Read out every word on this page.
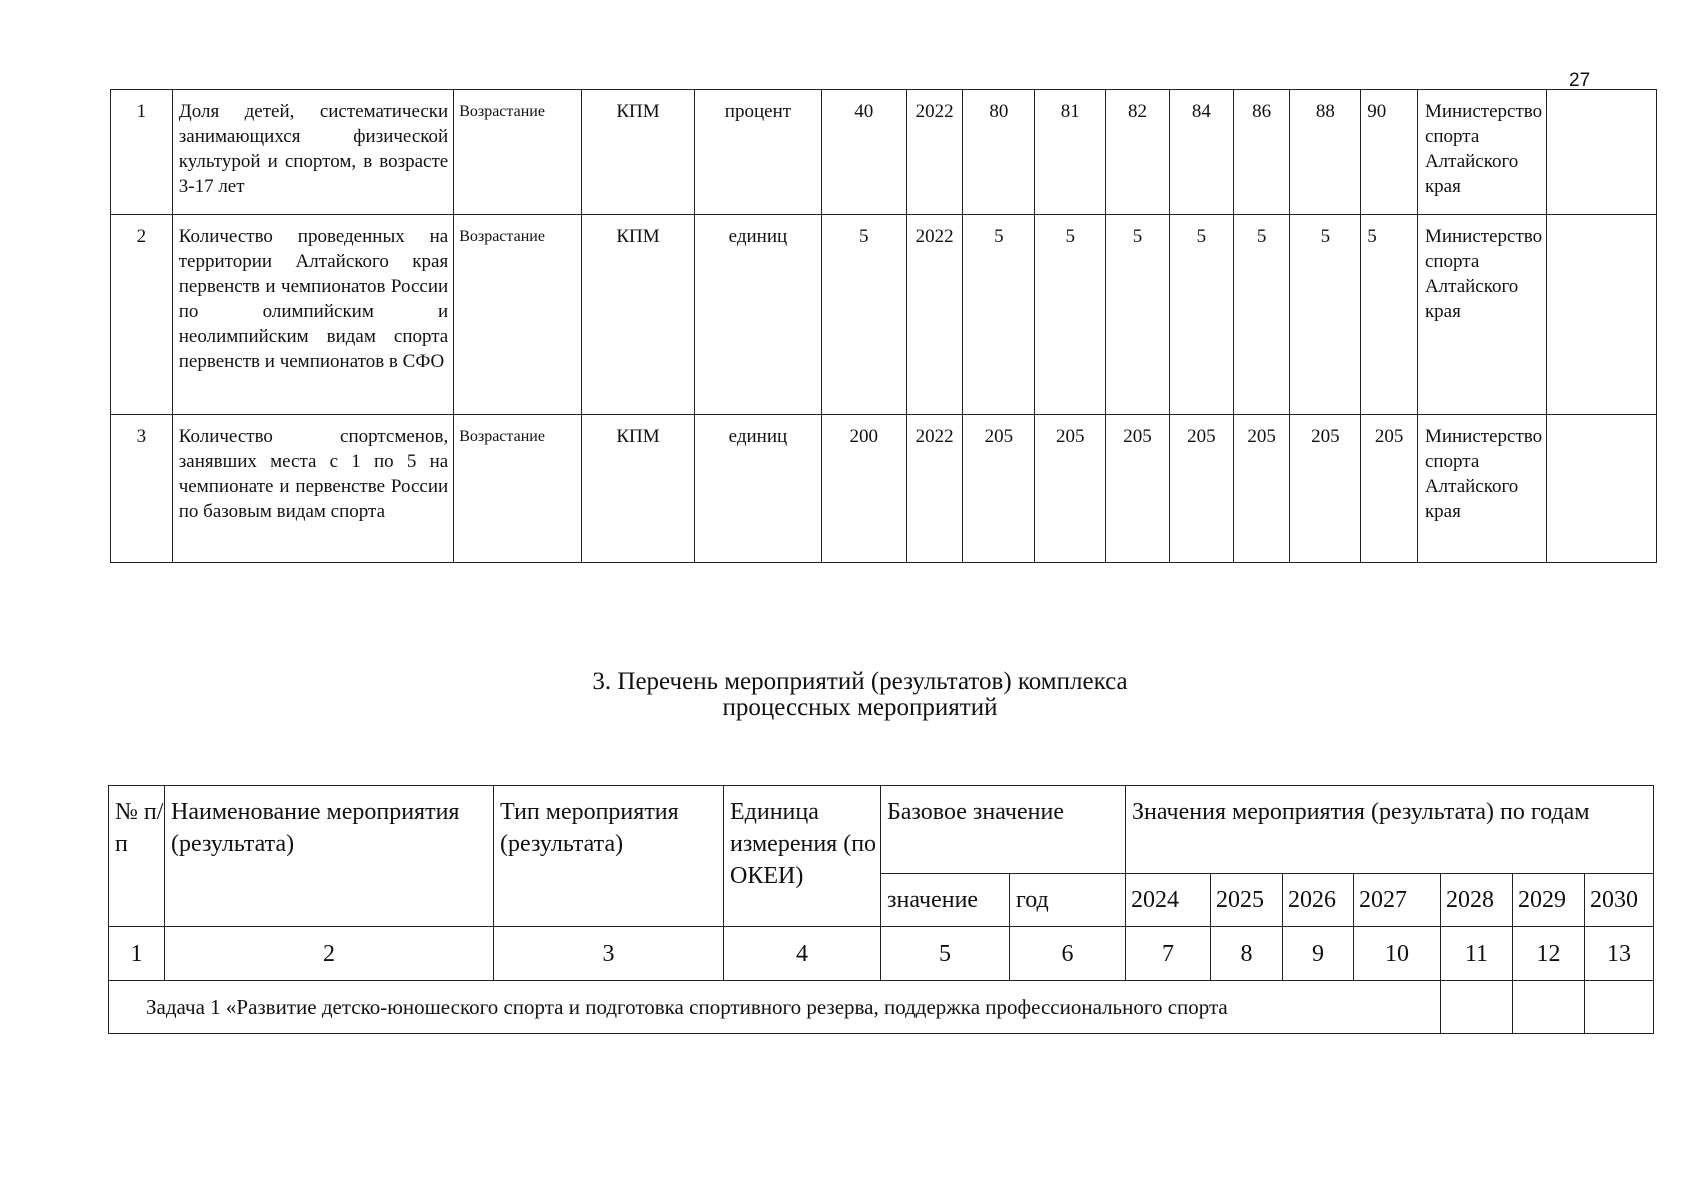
27
1	Доля детей, систематически занимающихся физической культурой и спортом, в возрасте 3-17 лет	Возрастание	КПМ	процент	40	2022	80	81	82	84	86	88	90	Министерство спорта Алтайского края	
2	Количество проведенных на территории Алтайского края первенств и чемпионатов России по олимпийским и неолимпийским видам спорта первенств и чемпионатов в СФО	Возрастание	КПМ	единиц	5	2022	5	5	5	5	5	5	5	Министерство спорта Алтайского края	
3	Количество спортсменов, занявших места с 1 по 5 на чемпионате и первенстве России по базовым видам спорта	Возрастание	КПМ	единиц	200	2022	205	205	205	205	205	205	205	Министерство спорта Алтайского края	
3. Перечень мероприятий (результатов) комплекса
процессных мероприятий
№ п/п	Наименование мероприятия (результата)	Тип мероприятия (результата)	Единица измерения (по ОКЕИ)	Базовое значение		Значения мероприятия (результата) по годам						
				значение	год	2024	2025	2026	2027	2028	2029	2030
1	2	3	4	5	6	7	8	9	10	11	12	13
Задача 1 «Развитие детско-юношеского спорта и подготовка спортивного резерва, поддержка профессионального спорта												
